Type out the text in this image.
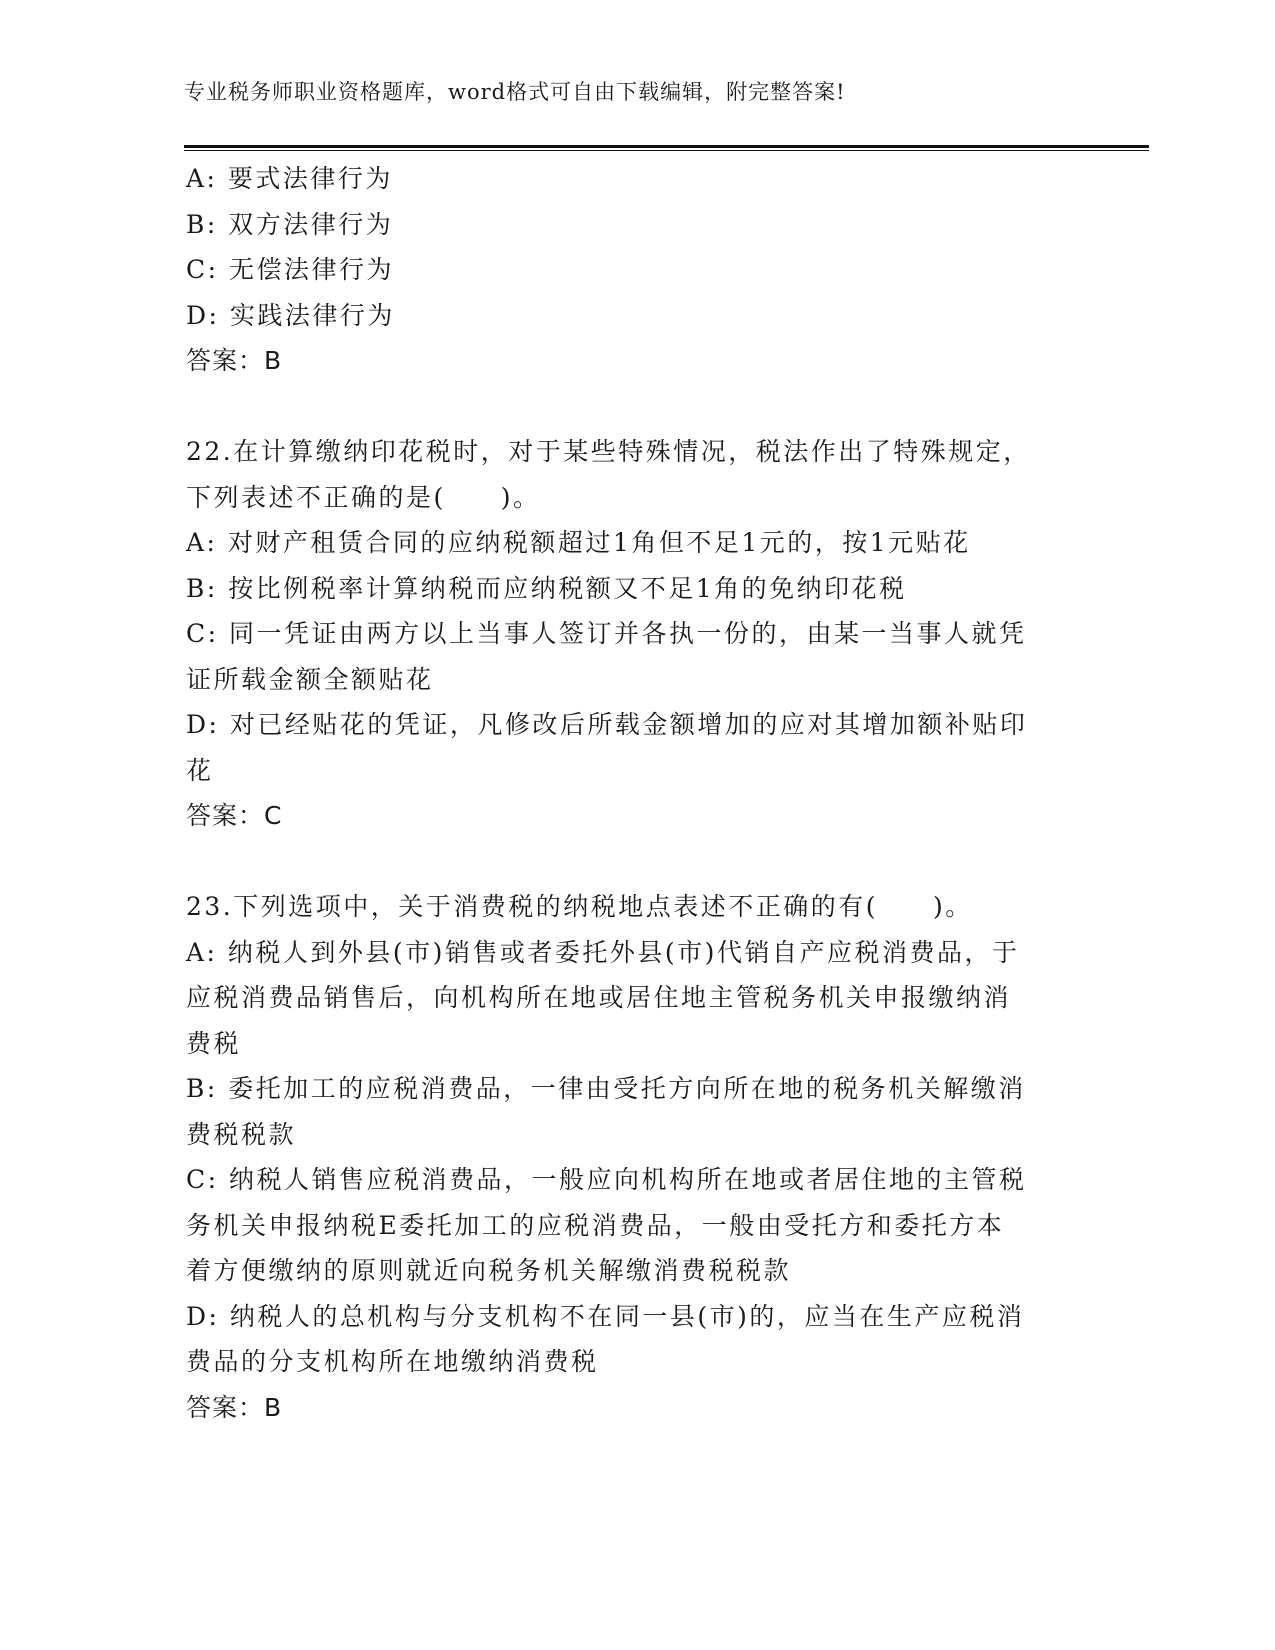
专业税务师职业资格题库，word格式可自由下载编辑，附完整答案!
A: 要式法律行为
B: 双方法律行为
C: 无偿法律行为
D: 实践法律行为
答案：B
22.在计算缴纳印花税时，对于某些特殊情况，税法作出了特殊规定，
下列表述不正确的是(　　)。
A: 对财产租赁合同的应纳税额超过1角但不足1元的，按1元贴花
B: 按比例税率计算纳税而应纳税额又不足1角的免纳印花税
C: 同一凭证由两方以上当事人签订并各执一份的，由某一当事人就凭
证所载金额全额贴花
D: 对已经贴花的凭证，凡修改后所载金额增加的应对其增加额补贴印
花
答案：C
23.下列选项中，关于消费税的纳税地点表述不正确的有(　　)。
A: 纳税人到外县(市)销售或者委托外县(市)代销自产应税消费品，于
应税消费品销售后，向机构所在地或居住地主管税务机关申报缴纳消
费税
B: 委托加工的应税消费品，一律由受托方向所在地的税务机关解缴消
费税税款
C: 纳税人销售应税消费品，一般应向机构所在地或者居住地的主管税
务机关申报纳税E委托加工的应税消费品，一般由受托方和委托方本
着方便缴纳的原则就近向税务机关解缴消费税税款
D: 纳税人的总机构与分支机构不在同一县(市)的，应当在生产应税消
费品的分支机构所在地缴纳消费税
答案：B
